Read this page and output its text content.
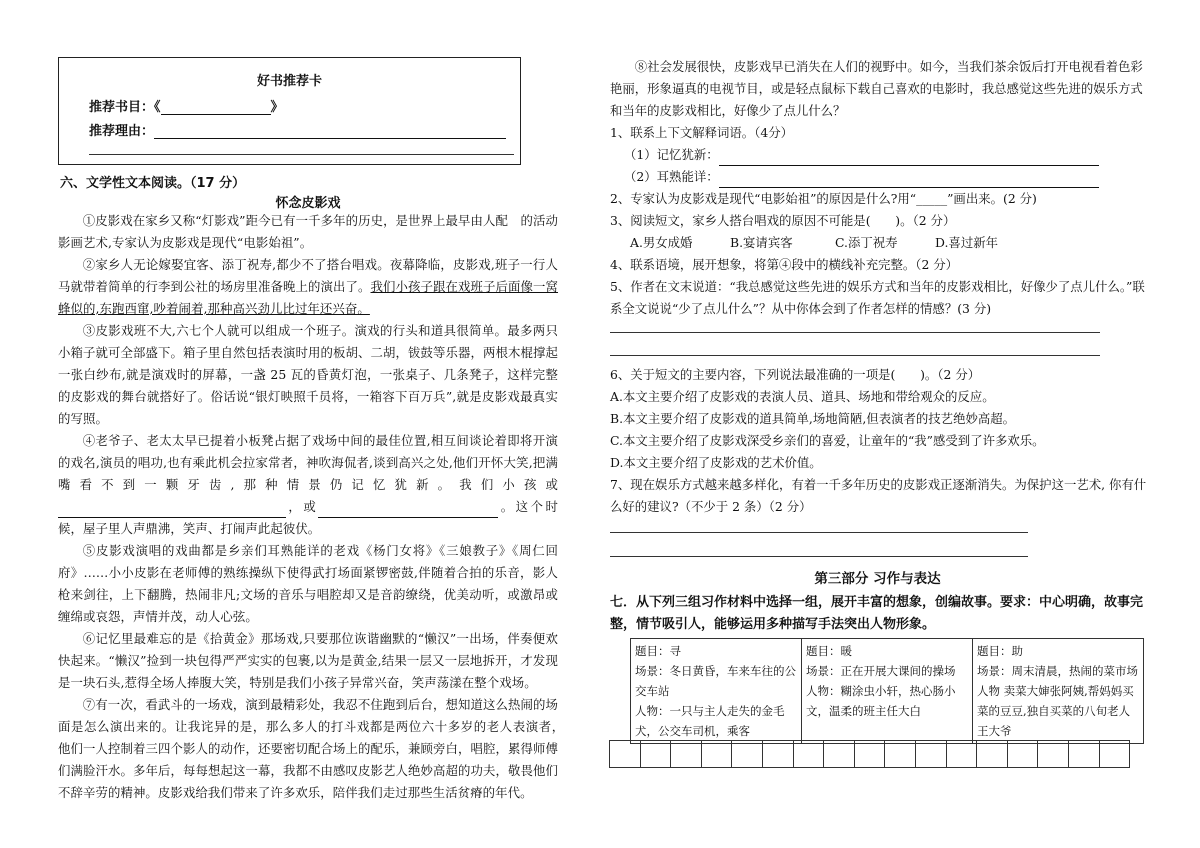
好书推荐卡
推荐书目：《	》
推荐理由：
六、文学性文本阅读。（17 分）
怀念皮影戏

①皮影戏在家乡又称“灯影戏”距今已有一千多年的历史，是世界上最早由人配　的活动影画艺术,专家认为皮影戏是现代“电影始祖”。

②家乡人无论嫁娶宜客、添丁祝寿,都少不了搭台唱戏。夜幕降临，皮影戏,班子一行人马就带着简单的行李到公社的场房里准备晚上的演出了。我们小孩子跟在戏班子后面像一窝蜂似的,东跑西窜,吵着闹着,那种高兴劲儿比过年还兴奋。

③皮影戏班不大,六七个人就可以组成一个班子。演戏的行头和道具很简单。最多两只小箱子就可全部盛下。箱子里自然包括表演时用的板胡、二胡，钹鼓等乐器，两根木棍撑起一张白纱布,就是演戏时的屏幕，一盏 25 瓦的昏黄灯泡，一张桌子、几条凳子，这样完整的皮影戏的舞台就搭好了。俗话说“银灯映照千员将，一箱容下百万兵”,就是皮影戏最真实的写照。

④老爷子、老太太早已提着小板凳占据了戏场中间的最佳位置,相互间谈论着即将开演的戏名,演员的唱功,也有乘此机会拉家常者，神吹海侃者,谈到高兴之处,他们开怀大笑,把满嘴看不到一颗牙齿,那种情景仍记忆犹新。我们小孩或，或	。这个时候，屋子里人声鼎沸，笑声、打闹声此起彼伏。

⑤皮影戏演唱的戏曲都是乡亲们耳熟能详的老戏《杨门女将》《三娘教子》《周仁回府》……小小皮影在老师傅的熟练操纵下使得武打场面紧锣密鼓,伴随着合拍的乐音，影人枪来剑往，上下翻腾，热闹非凡;文场的音乐与唱腔却又是音韵缭绕，优美动听，或激昂或缠绵或哀怨，声情并茂，动人心弦。

⑥记忆里最难忘的是《拾黄金》那场戏,只要那位诙谐幽默的“懒汉”一出场，伴奏便欢快起来。“懒汉”捡到一块包得严严实实的包裹,以为是黄金,结果一层又一层地拆开，才发现是一块石头,惹得全场人捧腹大笑，特别是我们小孩子异常兴奋，笑声荡漾在整个戏场。

⑦有一次，看武斗的一场戏，演到最精彩处，我忍不住跑到后台，想知道这么热闹的场面是怎么演出来的。让我诧异的是，那么多人的打斗戏都是两位六十多岁的老人表演者，　他们一人控制着三四个影人的动作，还要密切配合场上的配乐，兼顾旁白，唱腔，累得师傅们满脸汗水。多年后，每每想起这一幕，我都不由感叹皮影艺人绝妙高超的功夫，敬畏他们不辞辛劳的精神。皮影戏给我们带来了许多欢乐，陪伴我们走过那些生活贫瘠的年代。

⑧社会发展很快，皮影戏早已消失在人们的视野中。如今，当我们茶余饭后打开电视看着色彩艳丽，形象逼真的电视节目，或是轻点鼠标下载自己喜欢的电影时，我总感觉这些先进的娱乐方式和当年的皮影戏相比，好像少了点儿什么？

1、联系上下文解释词语。（4分）

（1）记忆犹新：

（2）耳熟能详：

2、专家认为皮影戏是现代“电影始祖”的原因是什么?用“_____”画出来。(2 分)

3、阅读短文，家乡人搭台唱戏的原因不可能是(　　)。（2 分）

A.男女成婚	B.宴请宾客	C.添丁祝寿	D.喜过新年

4、联系语境，展开想象，将第④段中的横线补充完整。（2 分）

5、作者在文末说道：“我总感觉这些先进的娱乐方式和当年的皮影戏相比，好像少了点儿什么。”联系全文说说“少了点儿什么”？从中你体会到了作者怎样的情感？(3 分)

6、关于短文的主要内容，下列说法最准确的一项是(　　)。（2 分）

A.本文主要介绍了皮影戏的表演人员、道具、场地和带给观众的反应。

B.本文主要介绍了皮影戏的道具简单,场地简陋,但表演者的技艺绝妙高超。

C.本文主要介绍了皮影戏深受乡亲们的喜爱，让童年的“我”感受到了许多欢乐。

D.本文主要介绍了皮影戏的艺术价值。

7、现在娱乐方式越来越多样化，有着一千多年历史的皮影戏正逐渐消失。为保护这一艺术, 你有什么好的建议?（不少于 2 条）（2 分）

第三部分 习作与表达
七．从下列三组习作材料中选择一组，展开丰富的想象，创编故事。要求：中心明确，故事完整，情节吸引人，能够运用多种描写手法突出人物形象。
题目：寻
场景：冬日黄昏，车来车往的公交车站
人物：一只与主人走失的金毛犬，公交车司机，乘客

题目：暖
场景：正在开展大课间的操场
人物：糊涂虫小轩，热心肠小文，温柔的班主任大白

题目：助
场景：周末清晨，热闹的菜市场人物 卖菜大婶张阿姨,帮妈妈买菜的豆豆,独自买菜的八旬老人王大爷
